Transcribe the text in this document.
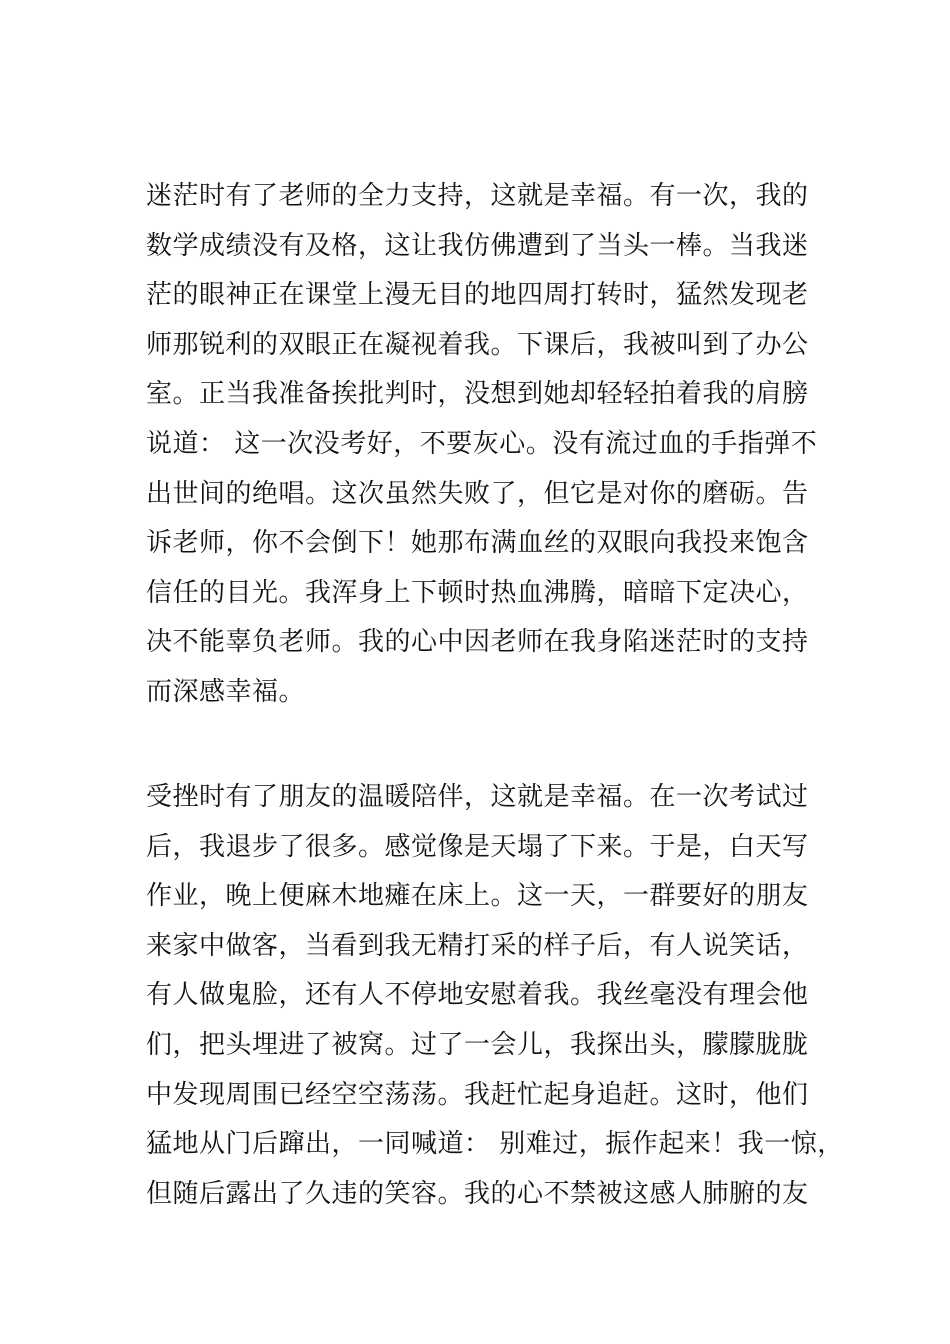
迷茫时有了老师的全力支持，这就是幸福。有一次，我的
数学成绩没有及格，这让我仿佛遭到了当头一棒。当我迷
茫的眼神正在课堂上漫无目的地四周打转时，猛然发现老
师那锐利的双眼正在凝视着我。下课后，我被叫到了办公
室。正当我准备挨批判时，没想到她却轻轻拍着我的肩膀
说道： 这一次没考好，不要灰心。没有流过血的手指弹不
出世间的绝唱。这次虽然失败了，但它是对你的磨砺。告
诉老师，你不会倒下！她那布满血丝的双眼向我投来饱含
信任的目光。我浑身上下顿时热血沸腾，暗暗下定决心，
决不能辜负老师。我的心中因老师在我身陷迷茫时的支持
而深感幸福。
受挫时有了朋友的温暖陪伴，这就是幸福。在一次考试过
后，我退步了很多。感觉像是天塌了下来。于是，白天写
作业，晚上便麻木地瘫在床上。这一天，一群要好的朋友
来家中做客，当看到我无精打采的样子后，有人说笑话，
有人做鬼脸，还有人不停地安慰着我。我丝毫没有理会他
们，把头埋进了被窝。过了一会儿，我探出头，朦朦胧胧
中发现周围已经空空荡荡。我赶忙起身追赶。这时，他们
猛地从门后蹿出，一同喊道： 别难过，振作起来！我一惊，
但随后露出了久违的笑容。我的心不禁被这感人肺腑的友
